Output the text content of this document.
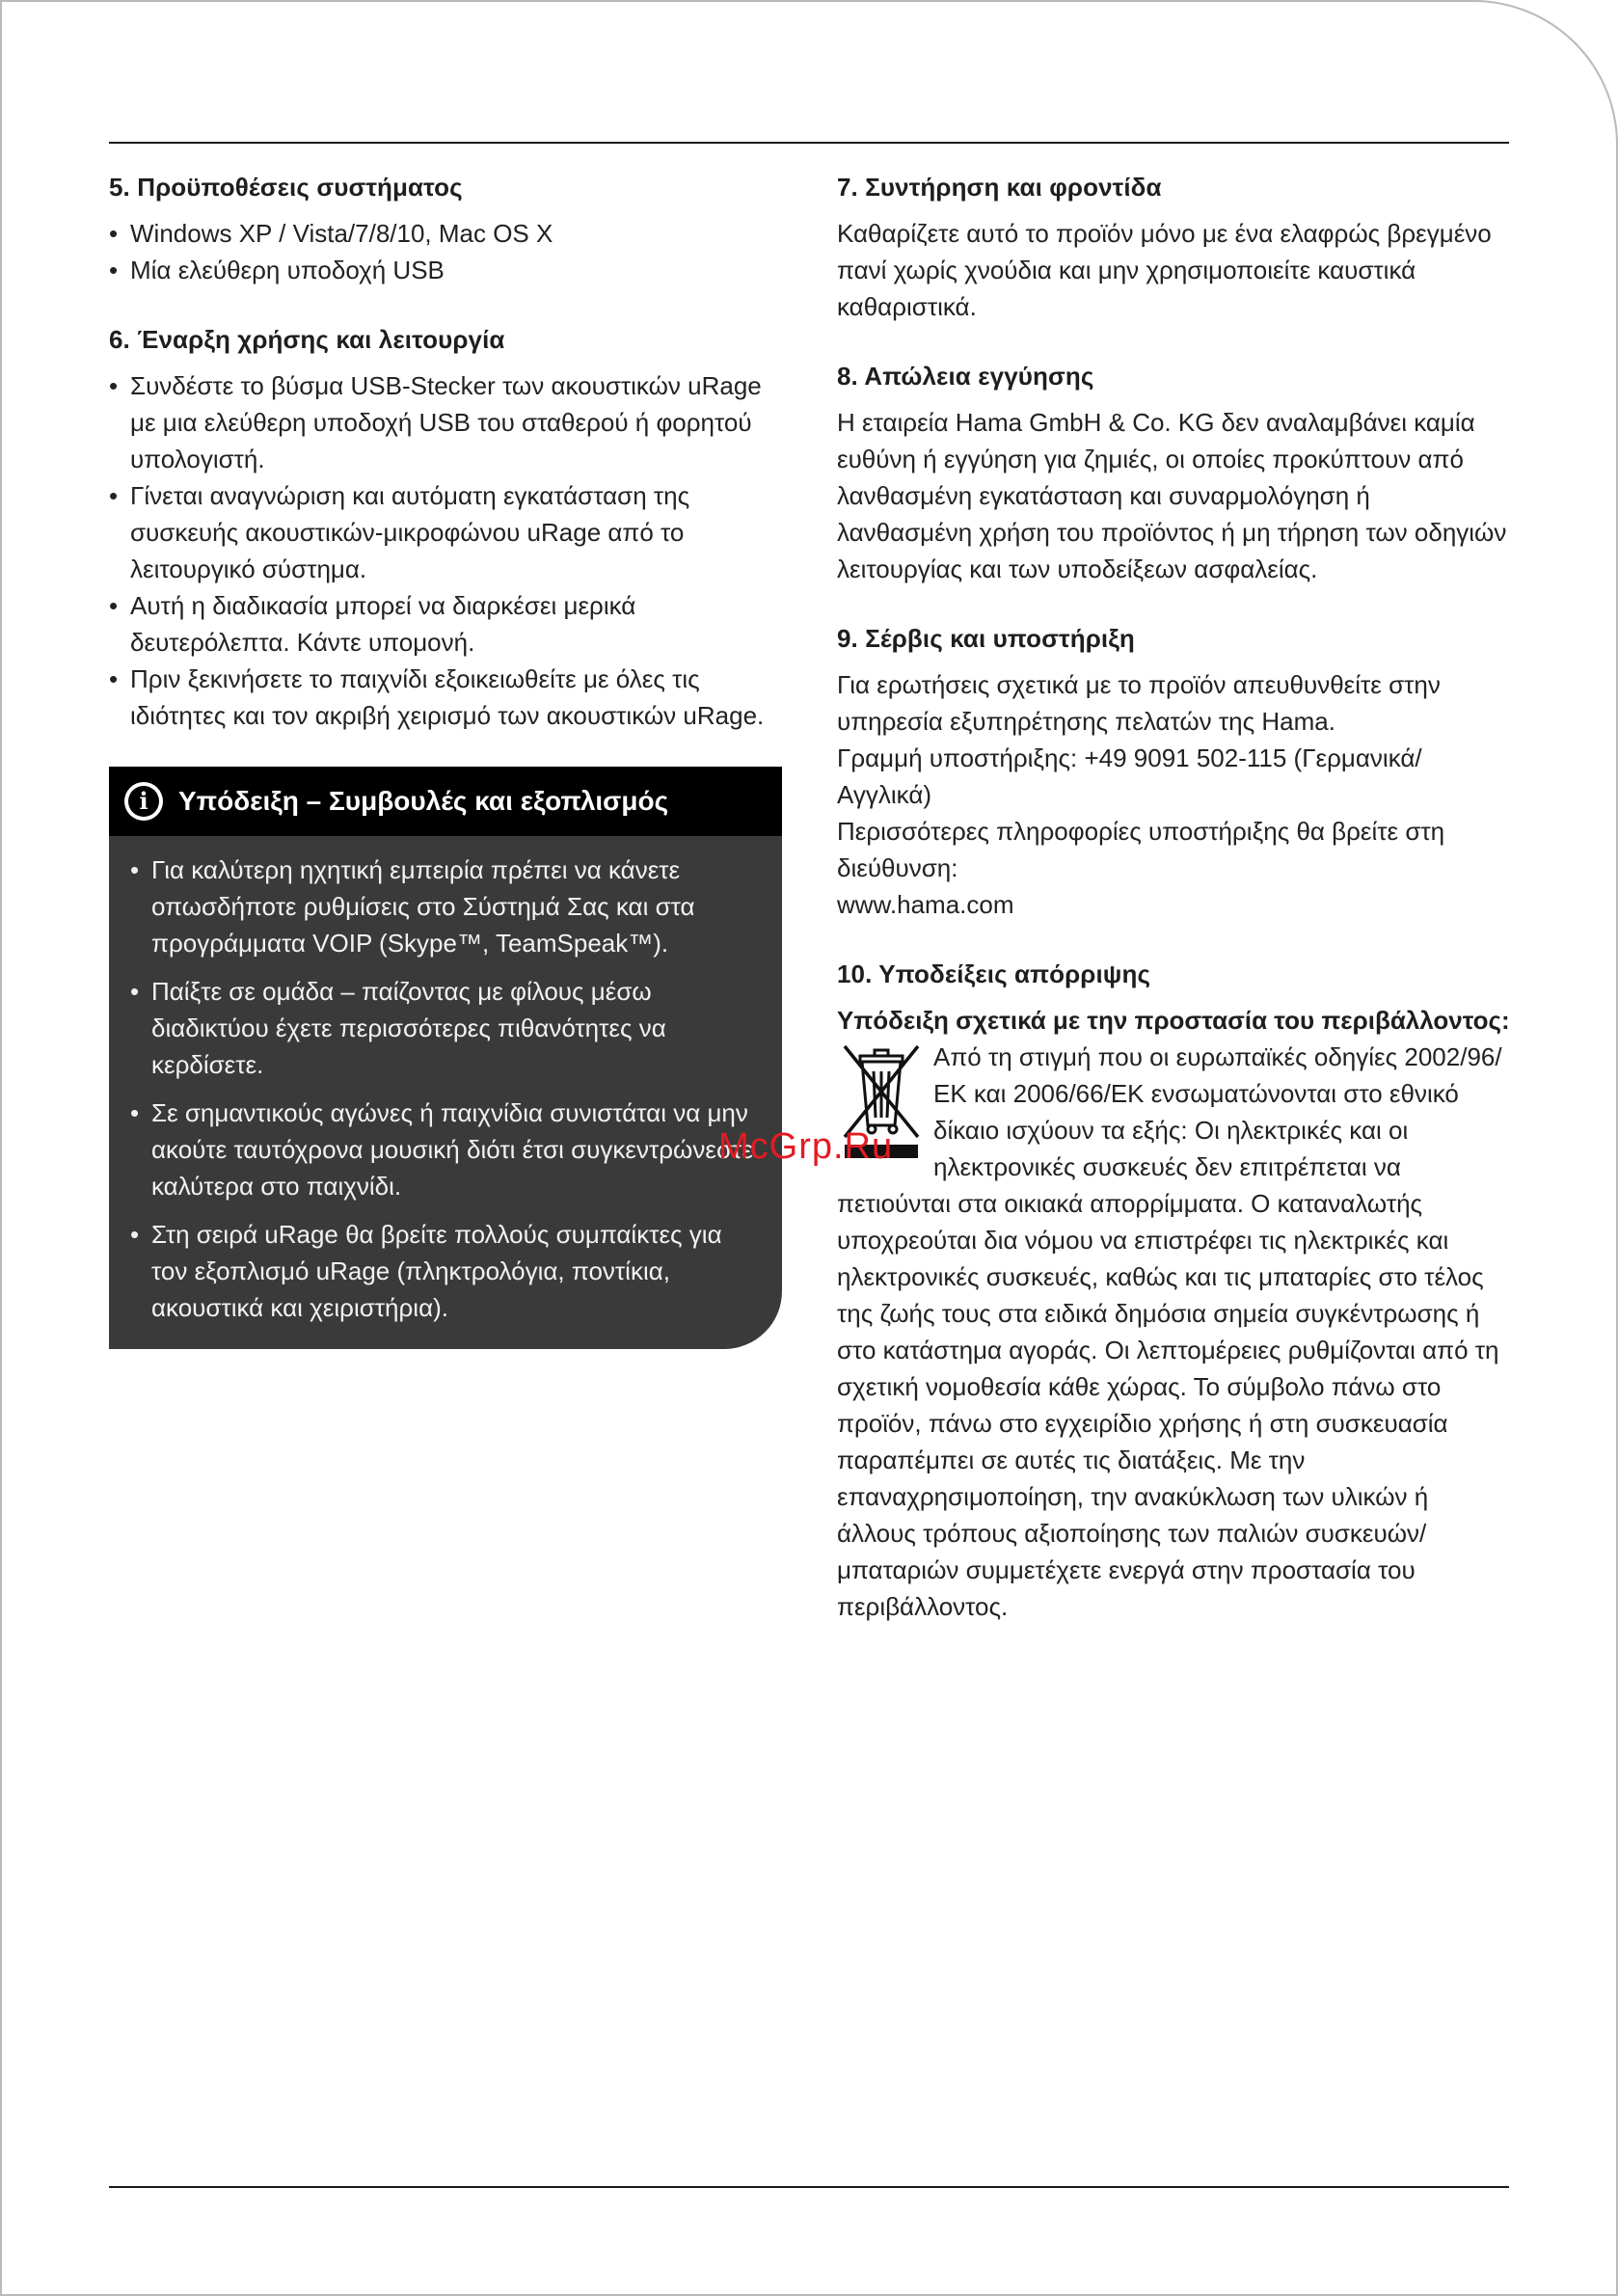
5. Προϋποθέσεις συστήματος
• Windows XP / Vista/7/8/10, Mac OS X
• Μία ελεύθερη υποδοχή USB
6. Έναρξη χρήσης και λειτουργία
• Συνδέστε το βύσμα USB-Stecker των ακουστικών uRage με μια ελεύθερη υποδοχή USB του σταθερού ή φορητού υπολογιστή.
• Γίνεται αναγνώριση και αυτόματη εγκατάσταση της συσκευής ακουστικών-μικροφώνου uRage από το λειτουργικό σύστημα.
• Αυτή η διαδικασία μπορεί να διαρκέσει μερικά δευτερόλεπτα. Κάντε υπομονή.
• Πριν ξεκινήσετε το παιχνίδι εξοικειωθείτε με όλες τις ιδιότητες και τον ακριβή χειρισμό των ακουστικών uRage.
i	Υπόδειξη – Συμβουλές και εξοπλισμός
• Για καλύτερη ηχητική εμπειρία πρέπει να κάνετε οπωσδήποτε ρυθμίσεις στο Σύστημά Σας και στα προγράμματα VOIP (Skype™, TeamSpeak™).
• Παίξτε σε ομάδα – παίζοντας με φίλους μέσω διαδικτύου έχετε περισσότερες πιθανότητες να κερδίσετε.
• Σε σημαντικούς αγώνες ή παιχνίδια συνιστάται να μην ακούτε ταυτόχρονα μουσική διότι έτσι συγκεντρώνεστε καλύτερα στο παιχνίδι.
• Στη σειρά uRage θα βρείτε πολλούς συμπαίκτες για τον εξοπλισμό uRage (πληκτρολόγια, ποντίκια, ακουστικά και χειριστήρια).
7. Συντήρηση και φροντίδα

Καθαρίζετε αυτό το προϊόν μόνο με ένα ελαφρώς βρεγμένο πανί χωρίς χνούδια και μην χρησιμοποιείτε καυστικά καθαριστικά.

8. Απώλεια εγγύησης

Η εταιρεία Hama GmbH & Co. KG δεν αναλαμβάνει καμία ευθύνη ή εγγύηση για ζημιές, οι οποίες προκύπτουν από λανθασμένη εγκατάσταση και συναρμολόγηση ή λανθασμένη χρήση του προϊόντος ή μη τήρηση των οδηγιών λειτουργίας και των υποδείξεων ασφαλείας.

9. Σέρβις και υποστήριξη

Για ερωτήσεις σχετικά με το προϊόν απευθυνθείτε στην υπηρεσία εξυπηρέτησης πελατών της Hama.

Γραμμή υποστήριξης: +49 9091 502-115 (Γερμανικά/Αγγλικά)

Περισσότερες πληροφορίες υποστήριξης θα βρείτε στη διεύθυνση:

www.hama.com

10. Υποδείξεις απόρριψης
Υπόδειξη σχετικά με την προστασία του περιβάλλοντος:

Από τη στιγμή που οι ευρωπαϊκές οδηγίες 2002/96/ ΕΚ και 2006/66/ΕΚ ενσωματώνονται στο εθνικό δίκαιο ισχύουν τα εξής: Οι ηλεκτρικές και οι ηλεκτρονικές συσκευές δεν επιτρέπεται να πετιούνται στα οικιακά απορρίμματα. Ο καταναλωτής υποχρεούται δια νόμου να επιστρέφει τις ηλεκτρικές και ηλεκτρονικές συσκευές, καθώς και τις μπαταρίες στο τέλος της ζωής τους στα ειδικά δημόσια σημεία συγκέντρωσης ή στο κατάστημα αγοράς. Οι λεπτομέρειες ρυθμίζονται από τη σχετική νομοθεσία κάθε χώρας. Το σύμβολο πάνω στο προϊόν, πάνω στο εγχειρίδιο χρήσης ή στη συσκευασία παραπέμπει σε αυτές τις διατάξεις. Με την επαναχρησιμοποίηση, την ανακύκλωση των υλικών ή άλλους τρόπους αξιοποίησης των παλιών συσκευών/μπαταριών συμμετέχετε ενεργά στην προστασία του περιβάλλοντος.

McGrp.Ru
